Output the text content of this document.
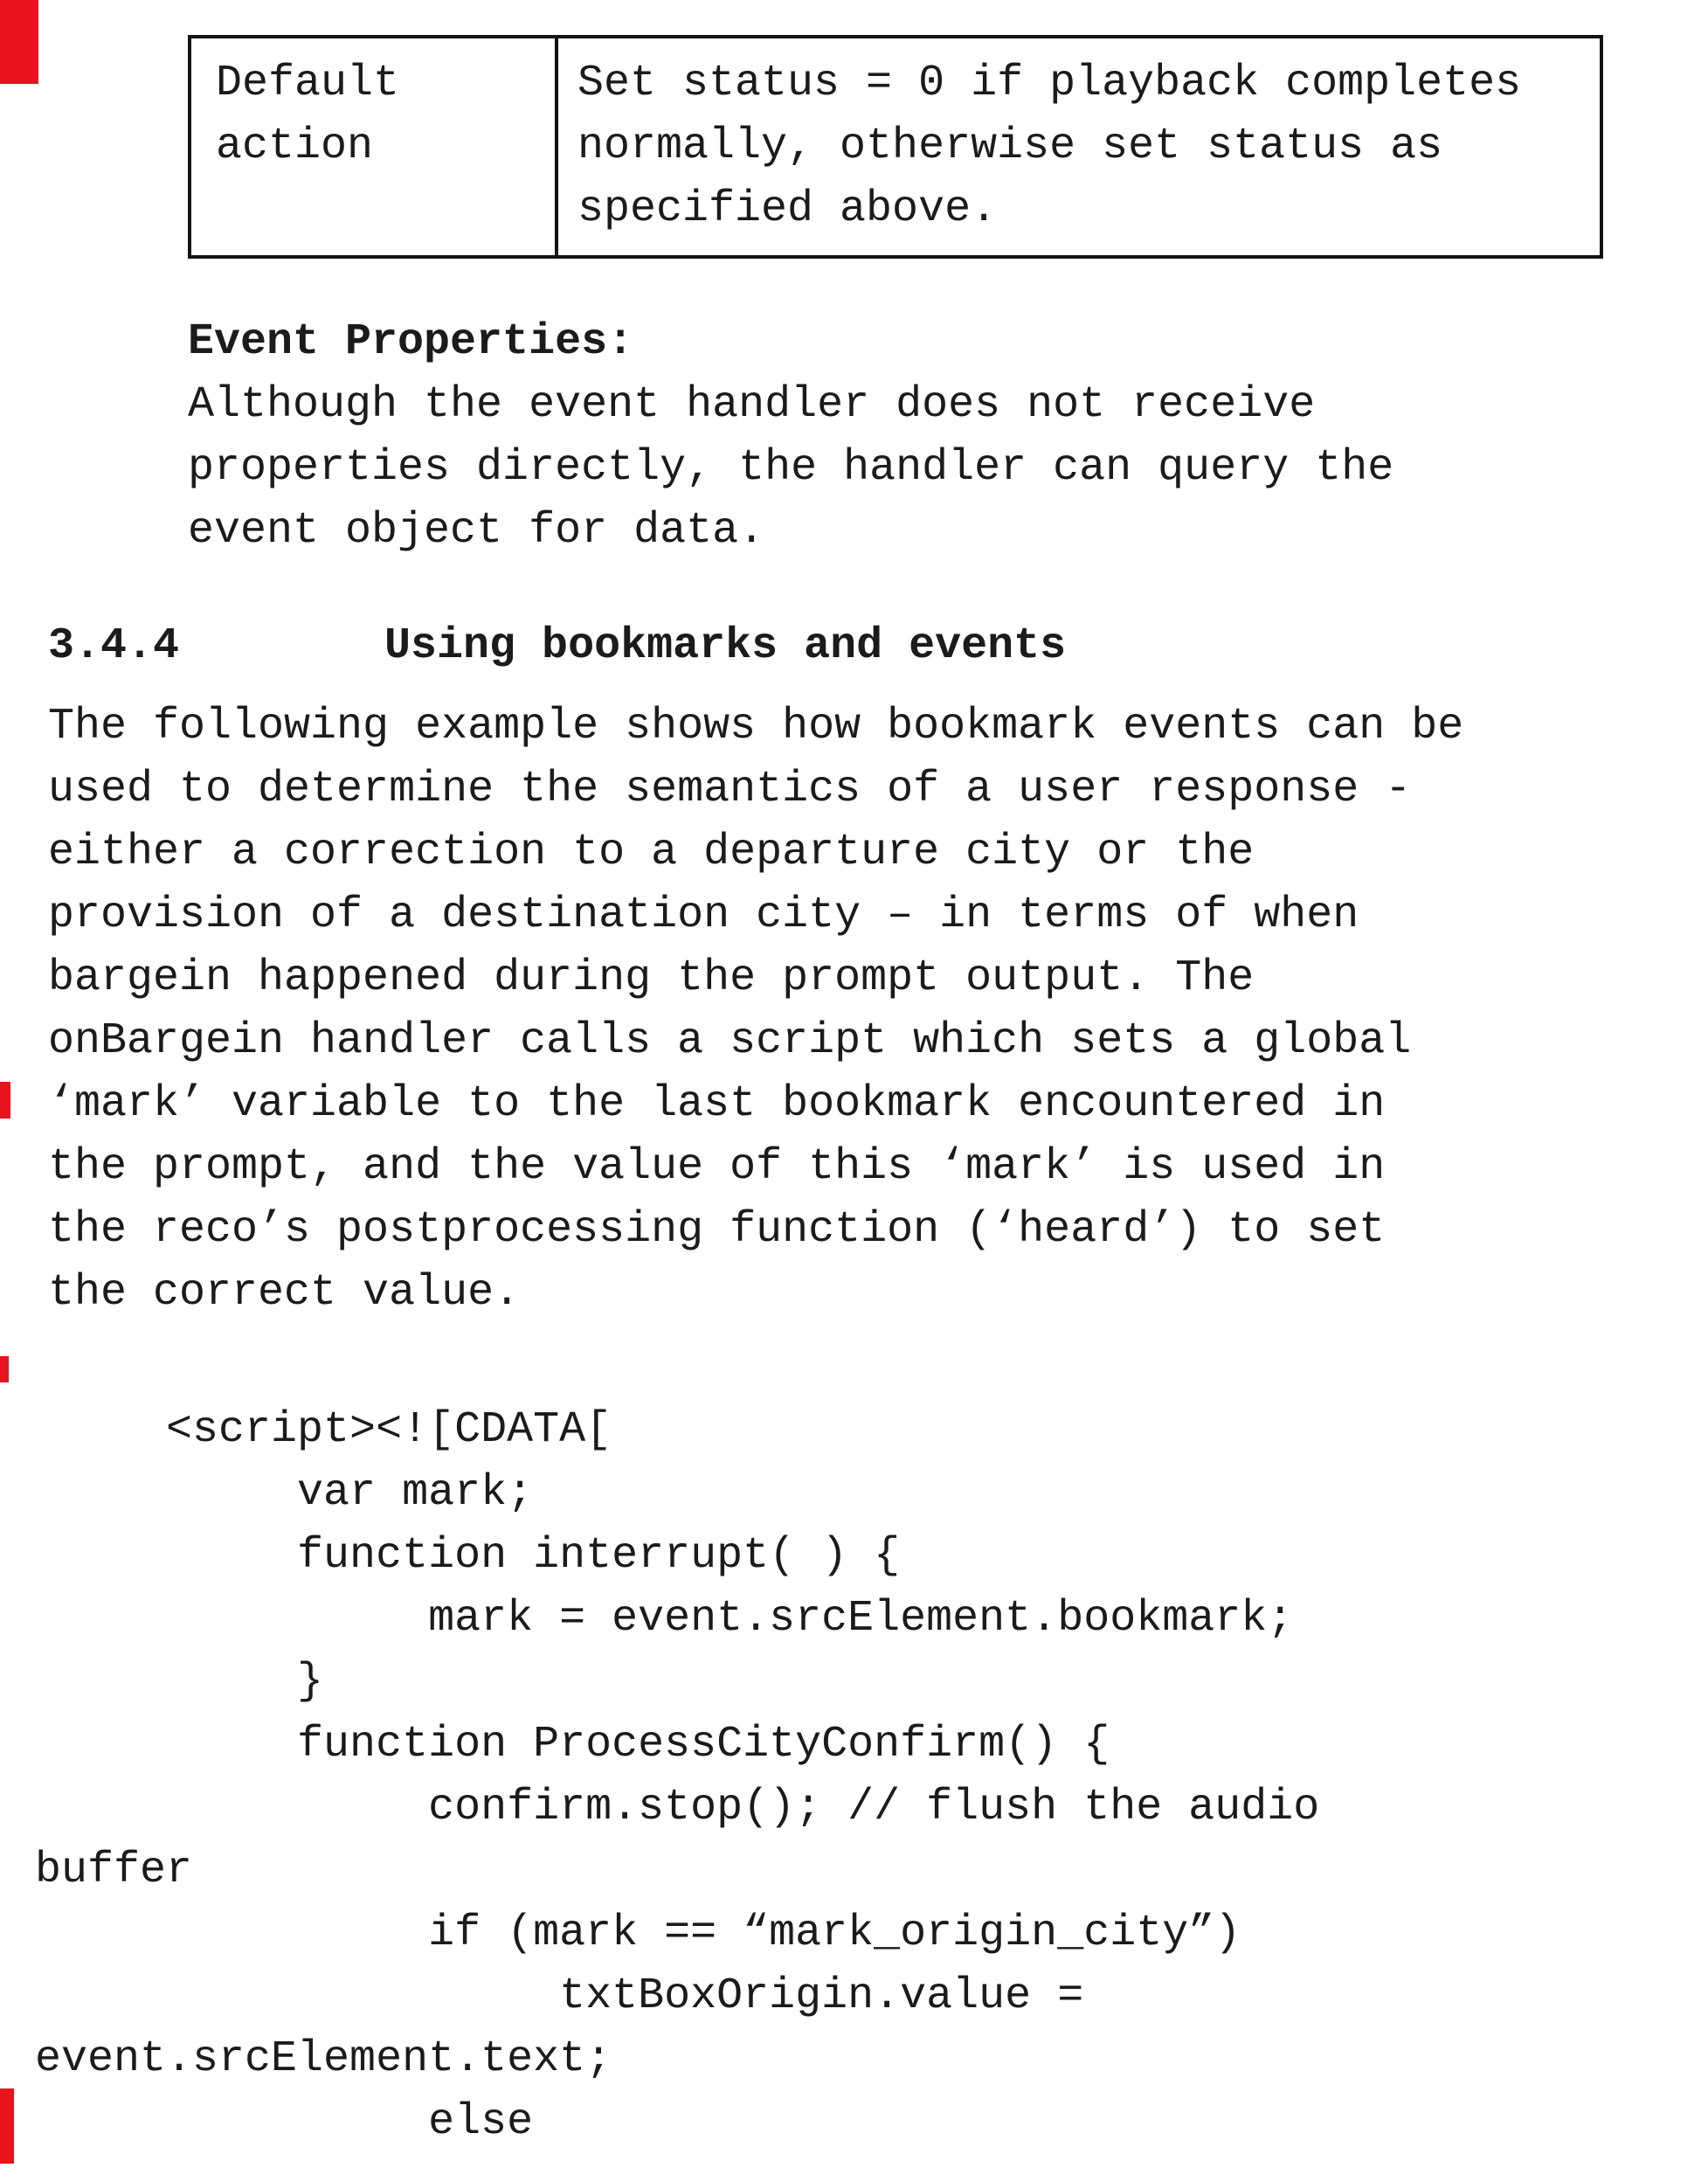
Default
action
Set status = 0 if playback completes
normally, otherwise set status as
specified above.
Event Properties:
Although the event handler does not receive
properties directly, the handler can query the
event object for data.
3.4.4	Using bookmarks and events
The following example shows how bookmark events can be
used to determine the semantics of a user response -
either a correction to a departure city or the
provision of a destination city – in terms of when
bargein happened during the prompt output. The
onBargein handler calls a script which sets a global
‘mark’ variable to the last bookmark encountered in
the prompt, and the value of this ‘mark’ is used in
the reco’s postprocessing function (‘heard’) to set
the correct value.
<script><![CDATA[
var mark;
function interrupt( ) {
mark = event.srcElement.bookmark;
}
function ProcessCityConfirm() {
confirm.stop(); // flush the audio
buffer
if (mark == “mark_origin_city”)
txtBoxOrigin.value =
event.srcElement.text;
else
